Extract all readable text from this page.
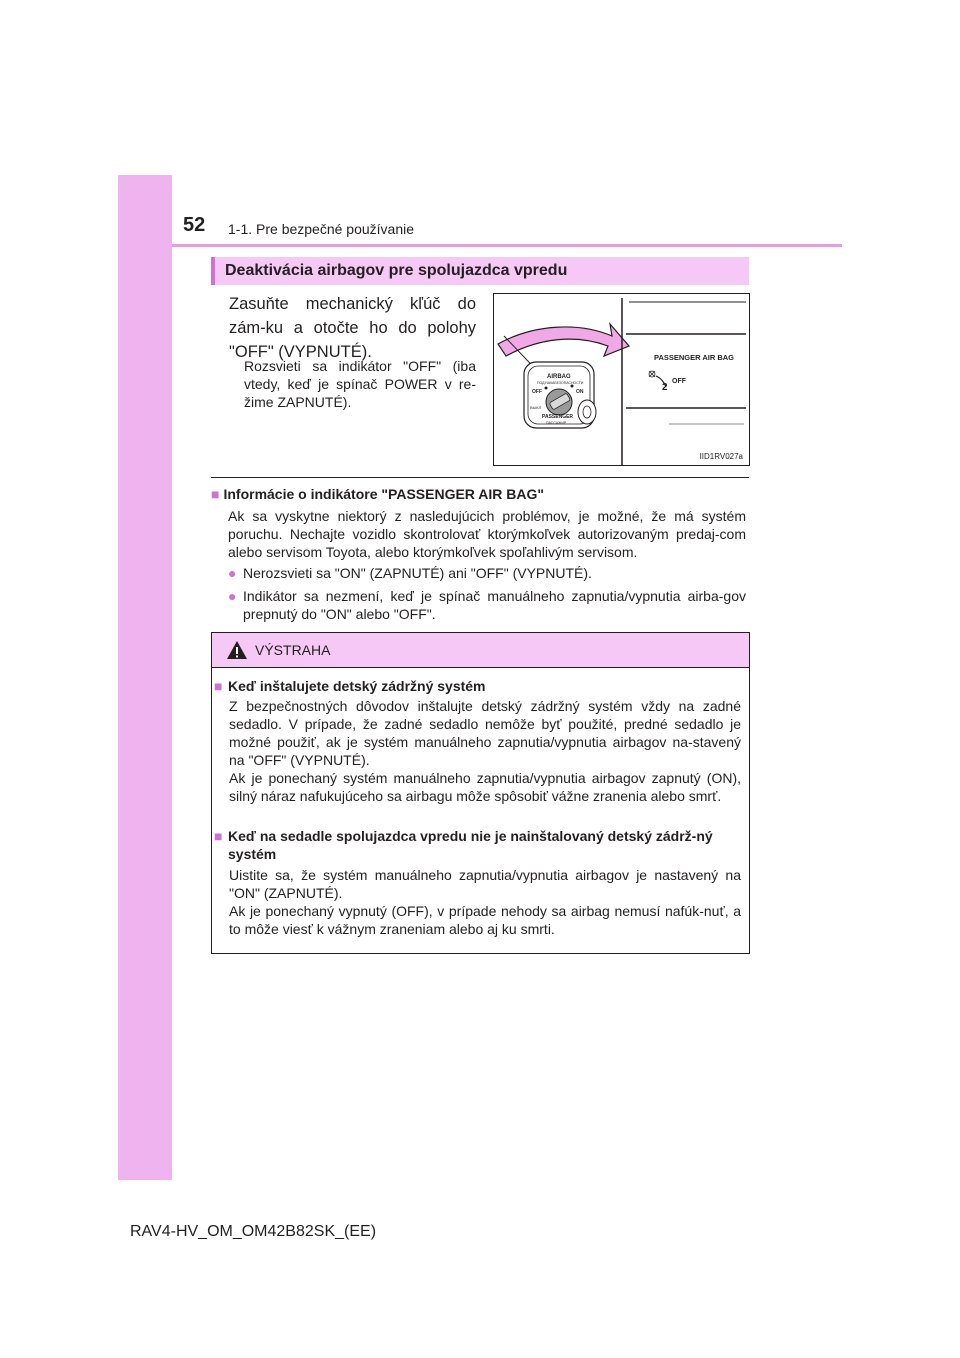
52 1-1. Pre bezpečné používanie
Deaktivácia airbagov pre spolujazdca vpredu
Zasuňte mechanický kľúč do zám-ku a otočte ho do polohy "OFF" (VYPNUTÉ).
Rozsvieti sa indikátor "OFF" (iba vtedy, keď je spínač POWER v re-žime ZAPNUTÉ).
AIRBAG
ПОДУШКАБЕЗОПАСНОСТИ
OFF
ВЫКЛ
ON
PASSENGER
ПАССАЖИР
PASSENGER AIR BAG
2
OFF
IID1RV027a
■ Informácie o indikátore "PASSENGER AIR BAG"
Ak sa vyskytne niektorý z nasledujúcich problémov, je možné, že má systém poruchu. Nechajte vozidlo skontrolovať ktorýmkoľvek autorizovaným predaj-com alebo servisom Toyota, alebo ktorýmkoľvek spoľahlivým servisom.
● Nerozsvieti sa "ON" (ZAPNUTÉ) ani "OFF" (VYPNUTÉ).
● Indikátor sa nezmení, keď je spínač manuálneho zapnutia/vypnutia airba-gov prepnutý do "ON" alebo "OFF".
VÝSTRAHA
■ Keď inštalujete detský zádržný systém
Z bezpečnostných dôvodov inštalujte detský zádržný systém vždy na zadné sedadlo. V prípade, že zadné sedadlo nemôže byť použité, predné sedadlo je možné použiť, ak je systém manuálneho zapnutia/vypnutia airbagov na-stavený na "OFF" (VYPNUTÉ).
Ak je ponechaný systém manuálneho zapnutia/vypnutia airbagov zapnutý (ON), silný náraz nafukujúceho sa airbagu môže spôsobiť vážne zranenia alebo smrť.
■ Keď na sedadle spolujazdca vpredu nie je nainštalovaný detský zádrž-ný systém
Uistite sa, že systém manuálneho zapnutia/vypnutia airbagov je nastavený na "ON" (ZAPNUTÉ).
Ak je ponechaný vypnutý (OFF), v prípade nehody sa airbag nemusí nafúk-nuť, a to môže viesť k vážnym zraneniam alebo aj ku smrti.
RAV4-HV_OM_OM42B82SK_(EE)
